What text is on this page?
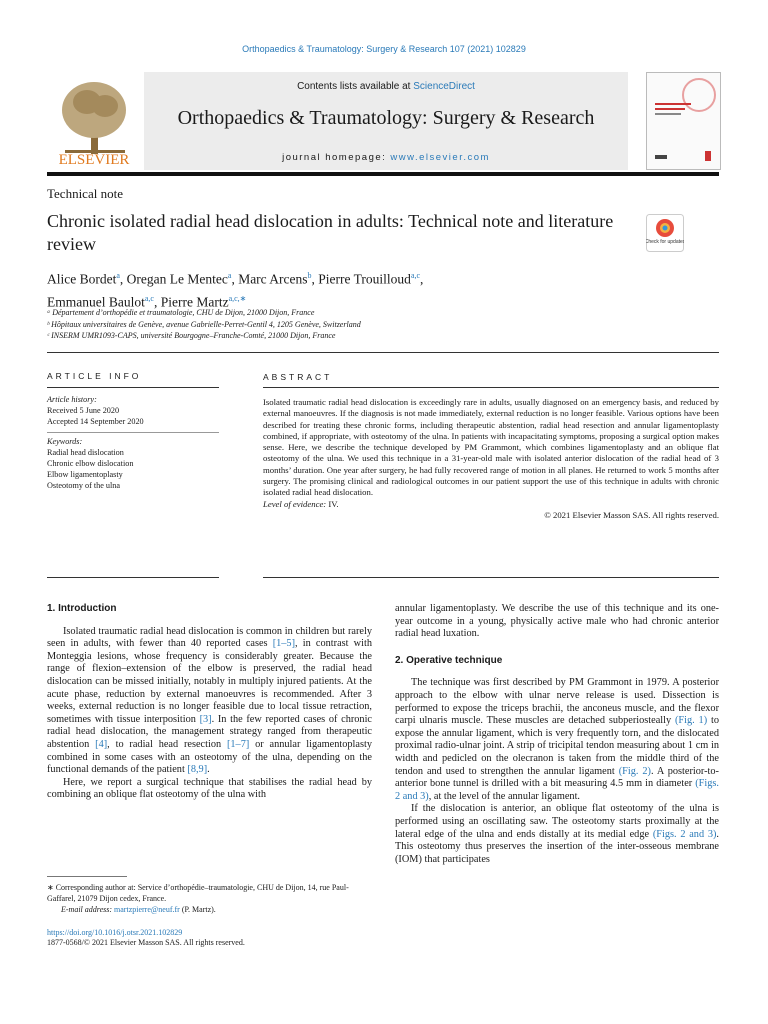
Orthopaedics & Traumatology: Surgery & Research 107 (2021) 102829
ELSEVIER
Contents lists available at ScienceDirect
Orthopaedics & Traumatology: Surgery & Research
journal homepage: www.elsevier.com
Technical note
Chronic isolated radial head dislocation in adults: Technical note and literature review	Check for updates
Alice Bordet$^a$, Oregan Le Mentec$^a$, Marc Arcens$^b$, Pierre Trouilloud$^{a,c}$,
Emmanuel Baulot$^{a,c}$, Pierre Martz$^{a,c,∗}$
ᵃ Département d’orthopédie et traumatologie, CHU de Dijon, 21000 Dijon, France
ᵇ Hôpitaux universitaires de Genève, avenue Gabrielle-Perret-Gentil 4, 1205 Genève, Switzerland
ᶜ INSERM UMR1093-CAPS, université Bourgogne–Franche-Comté, 21000 Dijon, France
ARTICLE INFO	ABSTRACT
Article history:
Received 5 June 2020
Accepted 14 September 2020
Keywords:
Radial head dislocation
Chronic elbow dislocation
Elbow ligamentoplasty
Osteotomy of the ulna

Isolated traumatic radial head dislocation is exceedingly rare in adults, usually diagnosed on an emergency basis, and reduced by external manoeuvres. If the diagnosis is not made immediately, external reduction is no longer feasible. Various options have been described for treating these chronic forms, including therapeutic abstention, radial head resection and annular ligamentoplasty combined, if appropriate, with osteotomy of the ulna. In patients with incapacitating symptoms, proposing a surgical option makes sense. Here, we describe the technique developed by PM Grammont, which combines ligamentoplasty and an oblique flat osteotomy of the ulna. We used this technique in a 31-year-old male with isolated anterior dislocation of the radial head of 3 months’ duration. One year after surgery, he had fully recovered range of motion in all planes. He returned to work 5 months after surgery. The promising clinical and radiological outcomes in our patient support the use of this technique in adults with chronic isolated radial head dislocation.

Level of evidence: IV.

© 2021 Elsevier Masson SAS. All rights reserved.

1. Introduction

Isolated traumatic radial head dislocation is common in children but rarely seen in adults, with fewer than 40 reported cases [1–5], in contrast with Monteggia lesions, whose frequency is considerably greater. Because the range of flexion–extension of the elbow is preserved, the radial head dislocation can be missed initially, notably in multiply injured patients. At the acute phase, reduction by external manoeuvres is recommended. After 3 weeks, external reduction is no longer feasible due to local tissue retraction, sometimes with tissue interposition [3]. In the few reported cases of chronic radial head dislocation, the management strategy ranged from therapeutic abstention [4], to radial head resection [1–7] or annular ligamentoplasty combined in some cases with an osteotomy of the ulna, depending on the functional demands of the patient [8,9].

Here, we report a surgical technique that stabilises the radial head by combining an oblique flat osteotomy of the ulna with

annular ligamentoplasty. We describe the use of this technique and its one-year outcome in a young, physically active male who had chronic anterior radial head luxation.

2. Operative technique

The technique was first described by PM Grammont in 1979. A posterior approach to the elbow with ulnar nerve release is used. Dissection is performed to expose the triceps brachii, the anconeus muscle, and the flexor carpi ulnaris muscle. These muscles are detached subperiosteally (Fig. 1) to expose the annular ligament, which is very frequently torn, and the dislocated proximal radio-ulnar joint. A strip of tricipital tendon measuring about 1 cm in width and pedicled on the olecranon is taken from the middle third of the tendon and used to strengthen the annular ligament (Fig. 2). A posterior-to-anterior bone tunnel is drilled with a bit measuring 4.5 mm in diameter (Figs. 2 and 3), at the level of the annular ligament.

If the dislocation is anterior, an oblique flat osteotomy of the ulna is performed using an oscillating saw. The osteotomy starts proximally at the lateral edge of the ulna and ends distally at its medial edge (Figs. 2 and 3). This osteotomy thus preserves the insertion of the inter-osseous membrane (IOM) that participates

∗ Corresponding author at: Service d’orthopédie–traumatologie, CHU de Dijon, 14, rue Paul-Gaffarel, 21079 Dijon cedex, France.
E-mail address: martzpierre@neuf.fr (P. Martz).
https://doi.org/10.1016/j.otsr.2021.102829
1877-0568/© 2021 Elsevier Masson SAS. All rights reserved.
